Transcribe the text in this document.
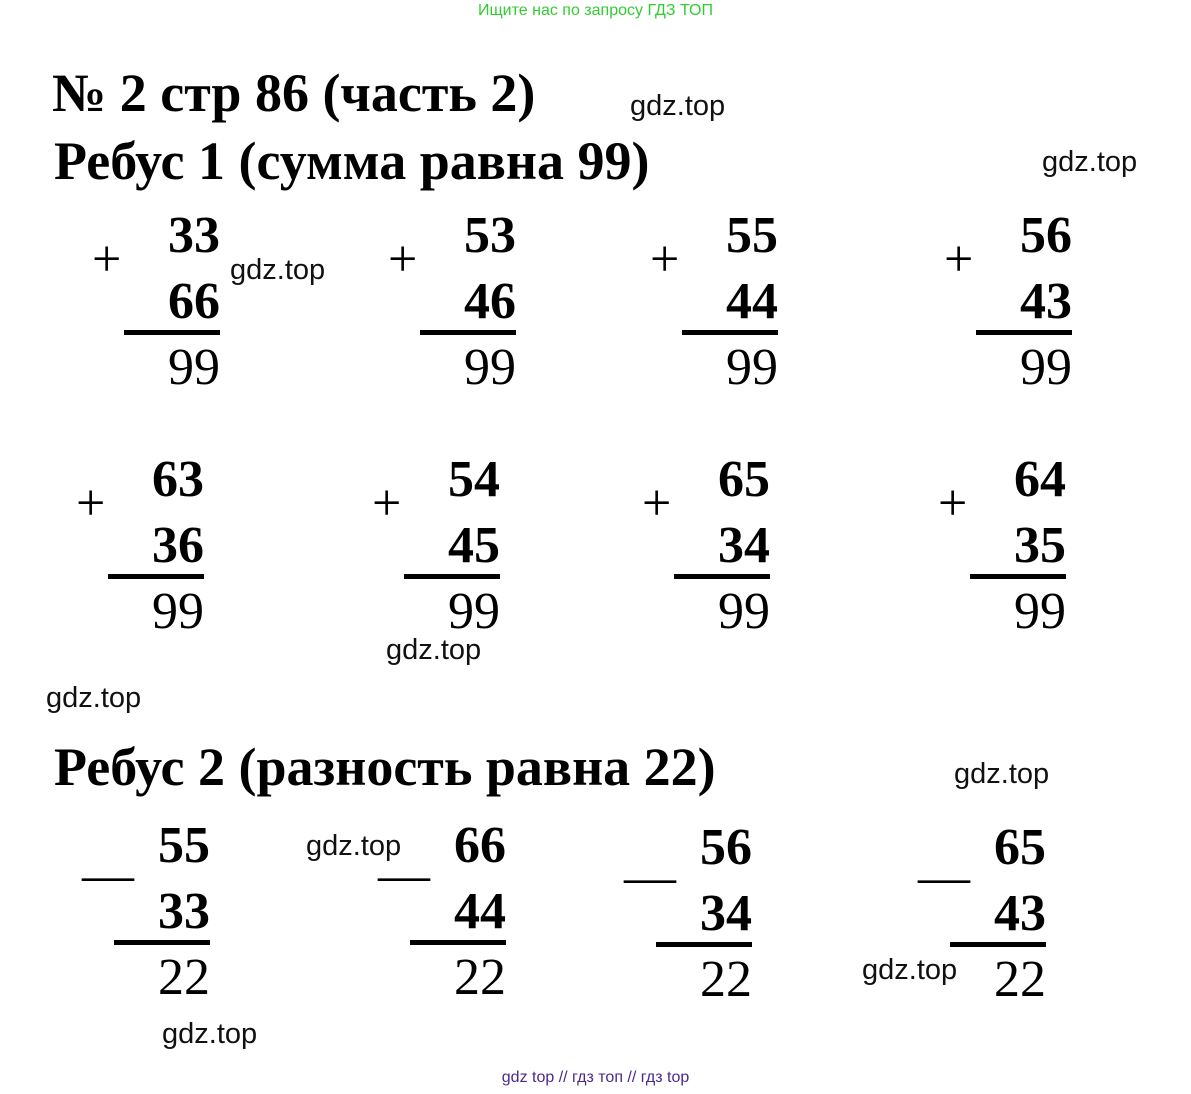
Ищите нас по запросу ГДЗ ТОП
№ 2 стр 86 (часть 2)
Ребус 1 (сумма равна 99)
Ребус 2 (разность равна 22)
+ 33
66
99
+ 53
46
99
+ 55
44
99
+ 56
43
99
+ 63
36
99
+ 54
45
99
+ 65
34
99
+ 64
35
99
—
55
33
22
—
66
44
22
—
56
34
22
—
65
43
22
gdz.top
gdz.top
gdz.top
gdz.top
gdz.top
gdz.top
gdz.top
gdz.top
gdz.top
gdz top // гдз топ // гдз top
